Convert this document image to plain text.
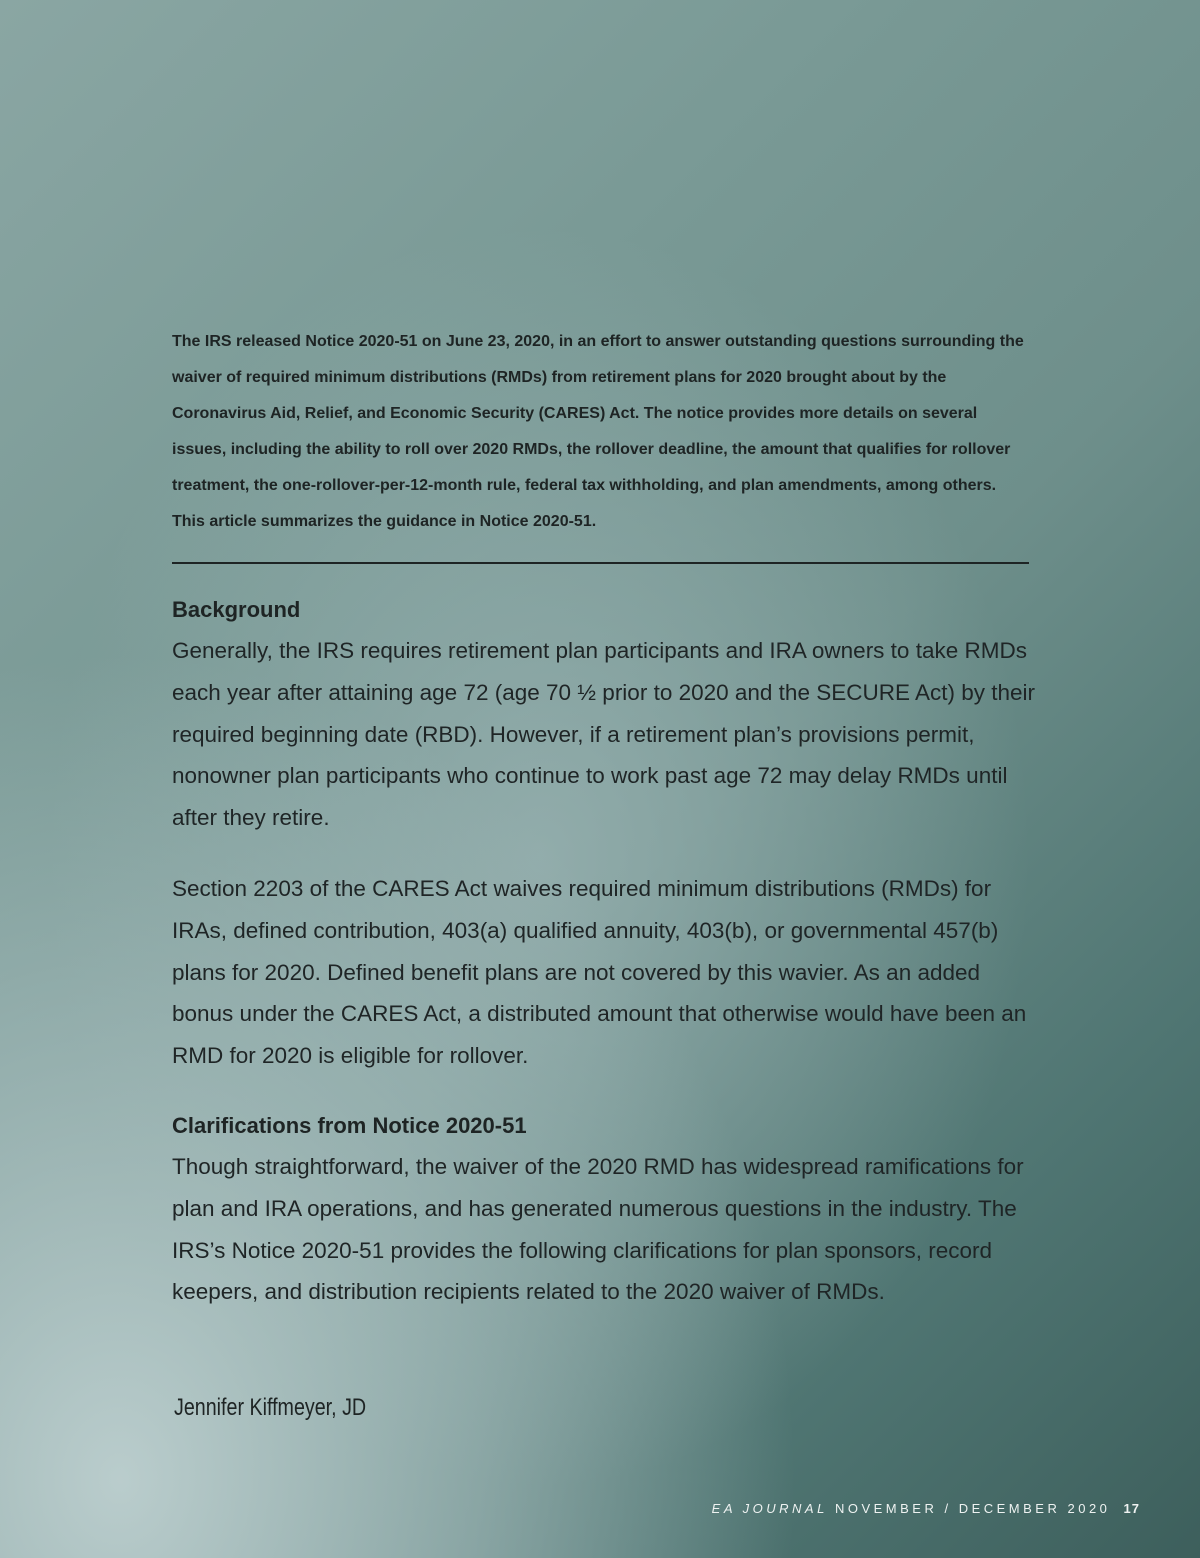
The IRS released Notice 2020-51 on June 23, 2020, in an effort to answer outstanding questions surrounding the waiver of required minimum distributions (RMDs) from retirement plans for 2020 brought about by the Coronavirus Aid, Relief, and Economic Security (CARES) Act. The notice provides more details on several issues, including the ability to roll over 2020 RMDs, the rollover deadline, the amount that qualifies for rollover treatment, the one-rollover-per-12-month rule, federal tax withholding, and plan amendments, among others. This article summarizes the guidance in Notice 2020-51.

Background

Generally, the IRS requires retirement plan participants and IRA owners to take RMDs each year after attaining age 72 (age 70 ½ prior to 2020 and the SECURE Act) by their required beginning date (RBD). However, if a retirement plan’s provisions permit, nonowner plan participants who continue to work past age 72 may delay RMDs until after they retire.

Section 2203 of the CARES Act waives required minimum distributions (RMDs) for IRAs, defined contribution, 403(a) qualified annuity, 403(b), or governmental 457(b) plans for 2020. Defined benefit plans are not covered by this wavier. As an added bonus under the CARES Act, a distributed amount that otherwise would have been an RMD for 2020 is eligible for rollover.

Clarifications from Notice 2020-51

Though straightforward, the waiver of the 2020 RMD has widespread ramifications for plan and IRA operations, and has generated numerous questions in the industry. The IRS’s Notice 2020-51 provides the following clarifications for plan sponsors, record keepers, and distribution recipients related to the 2020 waiver of RMDs.

Jennifer Kiffmeyer, JD

EA JOURNAL NOVEMBER / DECEMBER 2020 17
